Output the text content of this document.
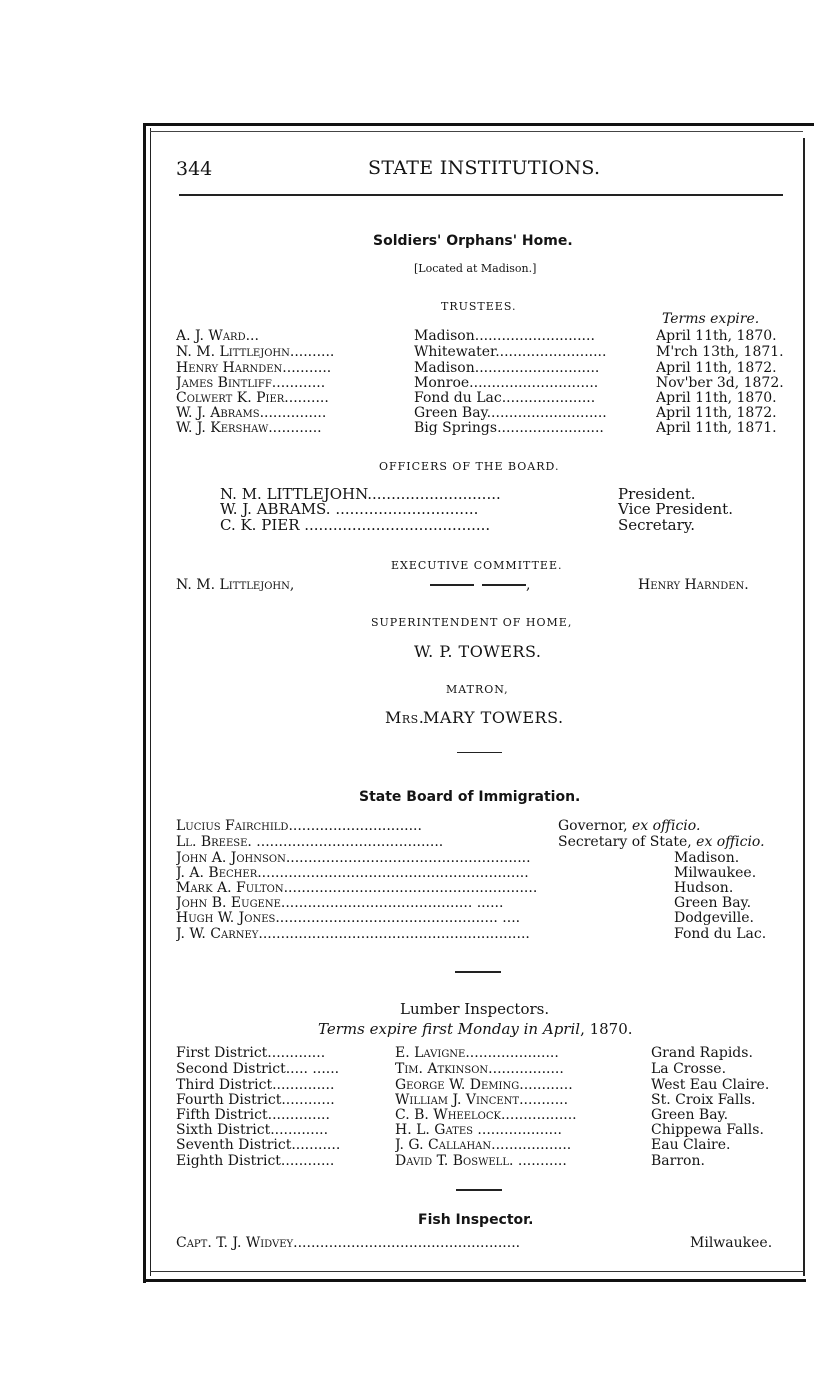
344	STATE INSTITUTIONS.
Soldiers' Orphans' Home.
[Located at Madison.]
TRUSTEES.
Terms expire.
A. J. Ward...	Madison...........................	April 11th, 1870.
N. M. Littlejohn..........	Whitewater.........................	M'rch 13th, 1871.
Henry Harnden...........	Madison............................	April 11th, 1872.
James Bintliff............	Monroe.............................	Nov'ber 3d, 1872.
Colwert K. Pier..........	Fond du Lac.....................	April 11th, 1870.
W. J. Abrams...............	Green Bay...........................	April 11th, 1872.
W. J. Kershaw............	Big Springs........................	April 11th, 1871.
OFFICERS OF THE BOARD.
N. M. LITTLEJOHN............................	President.
W. J. ABRAMS. ..............................	Vice President.
C. K. PIER .......................................	Secretary.
EXECUTIVE COMMITTEE.
N. M. Littlejohn,	,	Henry Harnden.
SUPERINTENDENT OF HOME,
W. P. TOWERS.
MATRON,
Mrs.
MARY TOWERS.
State Board of Immigration.
Lucius Fairchild..............................	Governor, ex officio.
Ll. Breese. ..........................................	Secretary of State, ex officio.
John A. Johnson.......................................................	Madison.
J. A. Becher.............................................................	Milwaukee.
Mark A. Fulton.........................................................	Hudson.
John B. Eugene........................................... ......	Green Bay.
Hugh W. Jones.................................................. ....	Dodgeville.
J. W. Carney.............................................................	Fond du Lac.
Lumber Inspectors.
Terms expire first Monday in April, 1870.
First District.............	E. Lavigne.....................	Grand Rapids.
Second District..... ......	Tim. Atkinson.................	La Crosse.
Third District..............	George W. Deming............	West Eau Claire.
Fourth District............	William J. Vincent...........	St. Croix Falls.
Fifth District..............	C. B. Wheelock.................	Green Bay.
Sixth District.............	H. L. Gates ...................	Chippewa Falls.
Seventh District...........	J. G. Callahan..................	Eau Claire.
Eighth District............	David T. Boswell. ...........	Barron.
Fish Inspector.
Capt. T. J. Widvey...................................................	Milwaukee.
